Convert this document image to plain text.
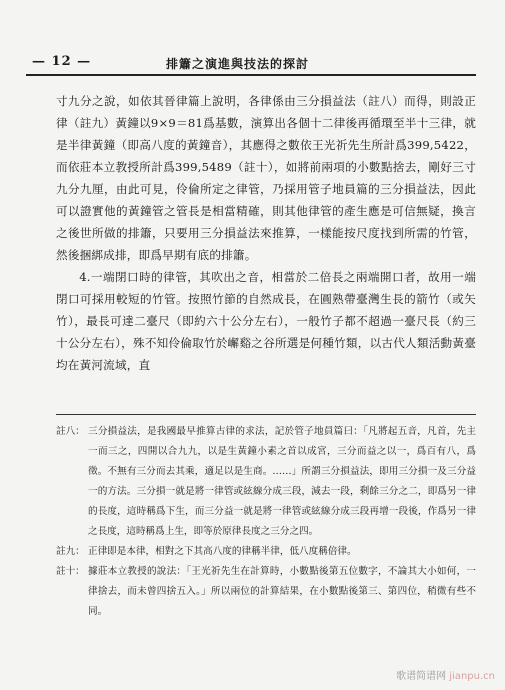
— 12 —	排簫之演進與技法的探討

寸九分之說，如依其晉律篇上說明，各律係由三分損益法（註八）而得，則設正律（註九）黃鐘以9×9＝81爲基數，演算出各個十二律後再循環至半十三律，就是半律黃鐘（即高八度的黃鐘音），其應得之數依王光祈先生所計爲399,5422，而依莊本立教授所計爲399,5489（註十），如將前兩項的小數點捨去，剛好三寸九分九厘，由此可見，伶倫所定之律管，乃採用管子地員篇的三分損益法，因此可以證實他的黃鐘管之管長是相當精確，則其他律管的產生應是可信無疑，換言之後世所做的排簫，只要用三分損益法來推算，一樣能按尺度找到所需的竹管，然後捆綁成排，即爲早期有底的排簫。

4.一端閉口時的律管，其吹出之音，相當於二倍長之兩端開口者，故用一端閉口可採用較短的竹管。按照竹節的自然成長，在圓熟帶臺灣生長的箭竹（或矢竹），最長可達二臺尺（即約六十公分左右），一般竹子都不超過一臺尺長（約三十公分左右），殊不知伶倫取竹於嶰谿之谷所選是何種竹類，以古代人類活動黃臺均在黃河流域，直

註八： 三分損益法，是我國最早推算古律的求法，記於管子地員篇曰：「凡將起五音，凡首，先主一而三之，四開以合九九，以是生黃鐘小素之首以成宮，三分而益之以一，爲百有八，爲徵。不無有三分而去其乘，適足以是生商。……」所謂三分損益法，即用三分損一及三分益一的方法。三分損一就是將一律管或絃線分成三段，減去一段，剩餘三分之二，即爲另一律的長度，這時稱爲下生，而三分益一就是將一律管或絃線分成三段再增一段後，作爲另一律之長度，這時稱爲上生，即等於原律長度之三分之四。
註九： 正律即是本律，相對之下其高八度的律稱半律，低八度稱倍律。
註十： 據莊本立教授的說法：「王光祈先生在計算時，小數點後第五位數字，不論其大小如何，一律捨去，而未曾四捨五入。」所以兩位的計算結果，在小數點後第三、第四位，稍微有些不同。
歌谱简谱网 jianpu.cn
